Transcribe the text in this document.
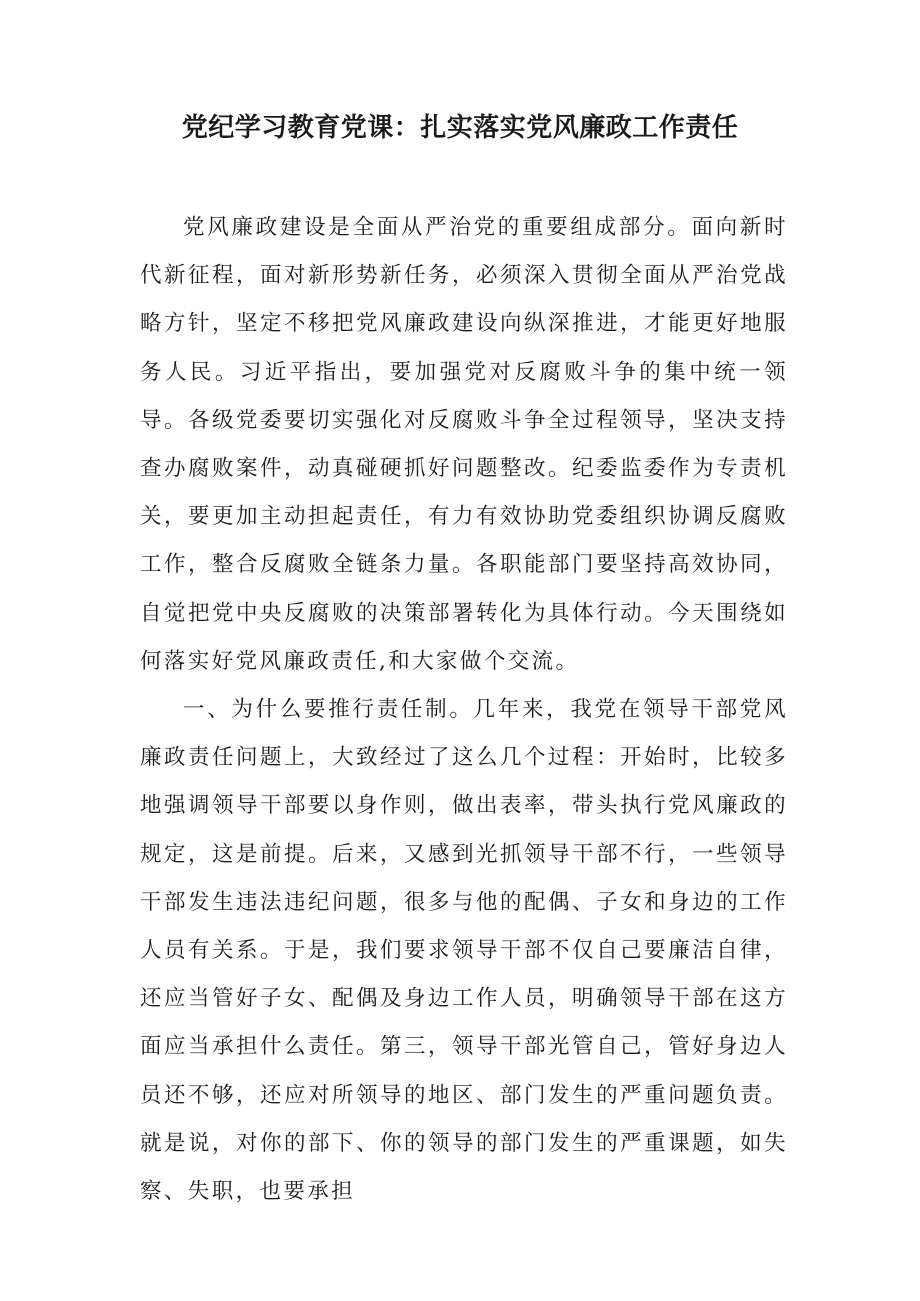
党纪学习教育党课：扎实落实党风廉政工作责任

党风廉政建设是全面从严治党的重要组成部分。面向新时代新征程，面对新形势新任务，必须深入贯彻全面从严治党战略方针，坚定不移把党风廉政建设向纵深推进，才能更好地服务人民。习近平指出，要加强党对反腐败斗争的集中统一领导。各级党委要切实强化对反腐败斗争全过程领导，坚决支持查办腐败案件，动真碰硬抓好问题整改。纪委监委作为专责机关，要更加主动担起责任，有力有效协助党委组织协调反腐败工作，整合反腐败全链条力量。各职能部门要坚持高效协同，自觉把党中央反腐败的决策部署转化为具体行动。今天围绕如何落实好党风廉政责任,和大家做个交流。

一、为什么要推行责任制。几年来，我党在领导干部党风廉政责任问题上，大致经过了这么几个过程：开始时，比较多地强调领导干部要以身作则，做出表率，带头执行党风廉政的规定，这是前提。后来，又感到光抓领导干部不行，一些领导干部发生违法违纪问题，很多与他的配偶、子女和身边的工作人员有关系。于是，我们要求领导干部不仅自己要廉洁自律，还应当管好子女、配偶及身边工作人员，明确领导干部在这方面应当承担什么责任。第三，领导干部光管自己，管好身边人员还不够，还应对所领导的地区、部门发生的严重问题负责。就是说，对你的部下、你的领导的部门发生的严重课题，如失察、失职，也要承担
